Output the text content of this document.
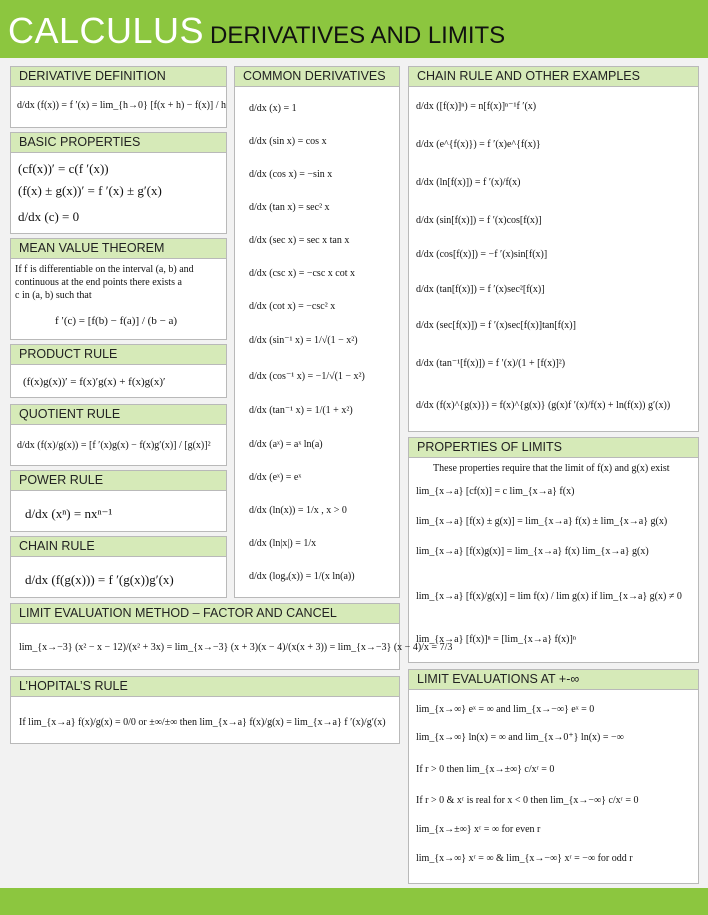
CALCULUS DERIVATIVES AND LIMITS
DERIVATIVE DEFINITION
d/dx (f(x)) = f ′(x) = lim_{h→0} [f(x + h) − f(x)] / h
BASIC PROPERTIES
(cf(x))′ = c(f ′(x))
(f(x) ± g(x))′ = f ′(x) ± g′(x)
d/dx (c) = 0
MEAN VALUE THEOREM
If f is differentiable on the interval (a, b) and
continuous at the end points there exists a
c in (a, b) such that
f ′(c) = [f(b) − f(a)] / (b − a)
PRODUCT RULE
(f(x)g(x))′ = f(x)′g(x) + f(x)g(x)′
QUOTIENT RULE
d/dx (f(x)/g(x)) = [f ′(x)g(x) − f(x)g′(x)] / [g(x)]²
POWER RULE
d/dx (xⁿ) = nxⁿ⁻¹
CHAIN RULE
d/dx (f(g(x))) = f ′(g(x))g′(x)
COMMON DERIVATIVES
d/dx (x) = 1
d/dx (sin x) = cos x
d/dx (cos x) = −sin x
d/dx (tan x) = sec² x
d/dx (sec x) = sec x tan x
d/dx (csc x) = −csc x cot x
d/dx (cot x) = −csc² x
d/dx (sin⁻¹ x) = 1/√(1 − x²)
d/dx (cos⁻¹ x) = −1/√(1 − x²)
d/dx (tan⁻¹ x) = 1/(1 + x²)
d/dx (aˣ) = aˣ ln(a)
d/dx (eˣ) = eˣ
d/dx (ln(x)) = 1/x , x > 0
d/dx (ln|x|) = 1/x
d/dx (logₐ(x)) = 1/(x ln(a))
CHAIN RULE AND OTHER EXAMPLES
d/dx ([f(x)]ⁿ) = n[f(x)]ⁿ⁻¹f ′(x)
d/dx (e^{f(x)}) = f ′(x)e^{f(x)}
d/dx (ln[f(x)]) = f ′(x)/f(x)
d/dx (sin[f(x)]) = f ′(x)cos[f(x)]
d/dx (cos[f(x)]) = −f ′(x)sin[f(x)]
d/dx (tan[f(x)]) = f ′(x)sec²[f(x)]
d/dx (sec[f(x)]) = f ′(x)sec[f(x)]tan[f(x)]
d/dx (tan⁻¹[f(x)]) = f ′(x)/(1 + [f(x)]²)
d/dx (f(x)^{g(x)}) = f(x)^{g(x)} (g(x)f ′(x)/f(x) + ln(f(x)) g′(x))
PROPERTIES OF LIMITS
These properties require that the limit of f(x) and g(x) exist
lim_{x→a} [cf(x)] = c lim_{x→a} f(x)
lim_{x→a} [f(x) ± g(x)] = lim_{x→a} f(x) ± lim_{x→a} g(x)
lim_{x→a} [f(x)g(x)] = lim_{x→a} f(x) lim_{x→a} g(x)
lim_{x→a} [f(x)/g(x)] = lim f(x) / lim g(x) if lim_{x→a} g(x) ≠ 0
lim_{x→a} [f(x)]ⁿ = [lim_{x→a} f(x)]ⁿ
LIMIT EVALUATIONS AT +-∞
lim_{x→∞} eˣ = ∞ and lim_{x→−∞} eˣ = 0
lim_{x→∞} ln(x) = ∞ and lim_{x→0⁺} ln(x) = −∞
If r > 0 then lim_{x→±∞} c/xʳ = 0
If r > 0 & xʳ is real for x < 0 then lim_{x→−∞} c/xʳ = 0
lim_{x→±∞} xʳ = ∞ for even r
lim_{x→∞} xʳ = ∞ & lim_{x→−∞} xʳ = −∞ for odd r
LIMIT EVALUATION METHOD – FACTOR AND CANCEL
lim_{x→−3} (x² − x − 12)/(x² + 3x) = lim_{x→−3} (x + 3)(x − 4)/(x(x + 3)) = lim_{x→−3} (x − 4)/x = 7/3
L’HOPITAL’S RULE
If lim_{x→a} f(x)/g(x) = 0/0 or ±∞/±∞ then lim_{x→a} f(x)/g(x) = lim_{x→a} f ′(x)/g′(x)
